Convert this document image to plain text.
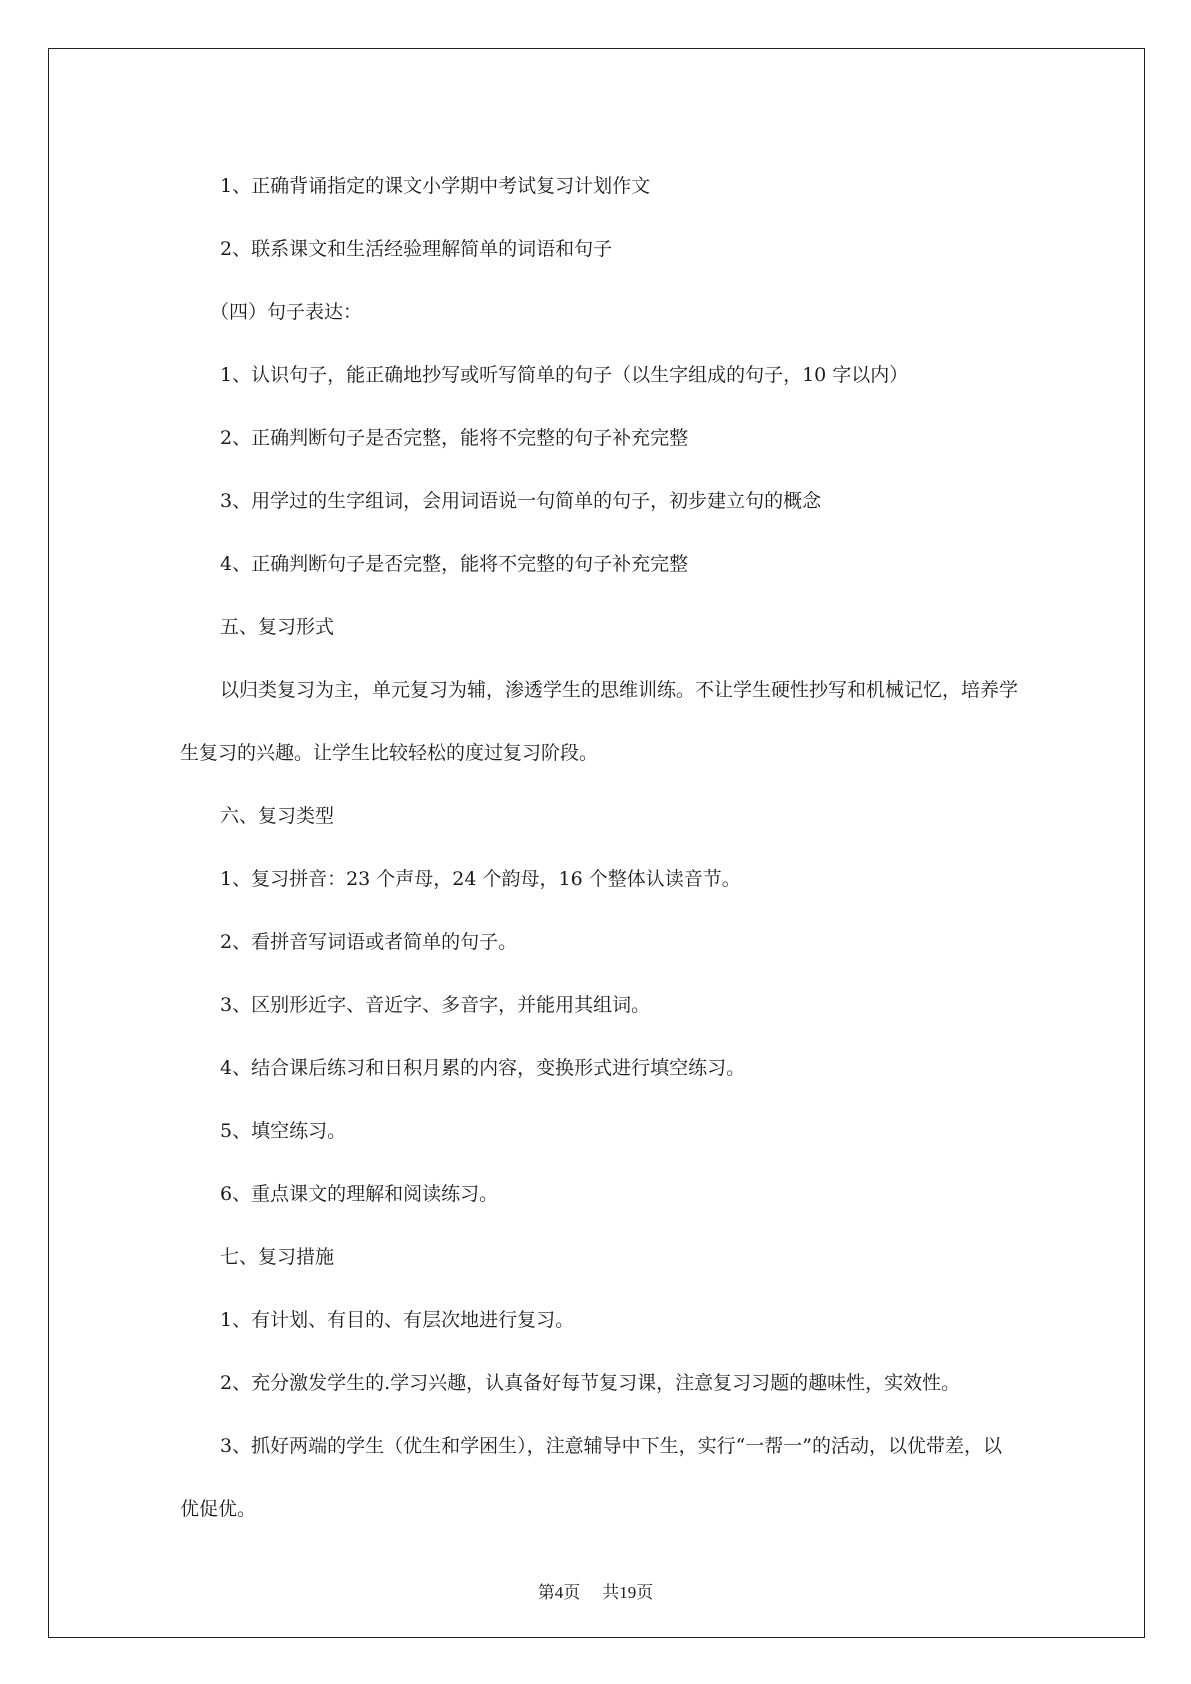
1、正确背诵指定的课文小学期中考试复习计划作文

2、联系课文和生活经验理解简单的词语和句子

（四）句子表达：

1、认识句子，能正确地抄写或听写简单的句子（以生字组成的句子，10 字以内）

2、正确判断句子是否完整，能将不完整的句子补充完整

3、用学过的生字组词，会用词语说一句简单的句子，初步建立句的概念

4、正确判断句子是否完整，能将不完整的句子补充完整

五、复习形式

以归类复习为主，单元复习为辅，渗透学生的思维训练。不让学生硬性抄写和机械记忆，培养学生复习的兴趣。让学生比较轻松的度过复习阶段。

六、复习类型

1、复习拼音：23 个声母，24 个韵母，16 个整体认读音节。

2、看拼音写词语或者简单的句子。

3、区别形近字、音近字、多音字，并能用其组词。

4、结合课后练习和日积月累的内容，变换形式进行填空练习。

5、填空练习。

6、重点课文的理解和阅读练习。

七、复习措施

1、有计划、有目的、有层次地进行复习。

2、充分激发学生的.学习兴趣，认真备好每节复习课，注意复习习题的趣味性，实效性。

3、抓好两端的学生（优生和学困生），注意辅导中下生，实行“一帮一”的活动，以优带差，以优促优。

第4页 共19页
